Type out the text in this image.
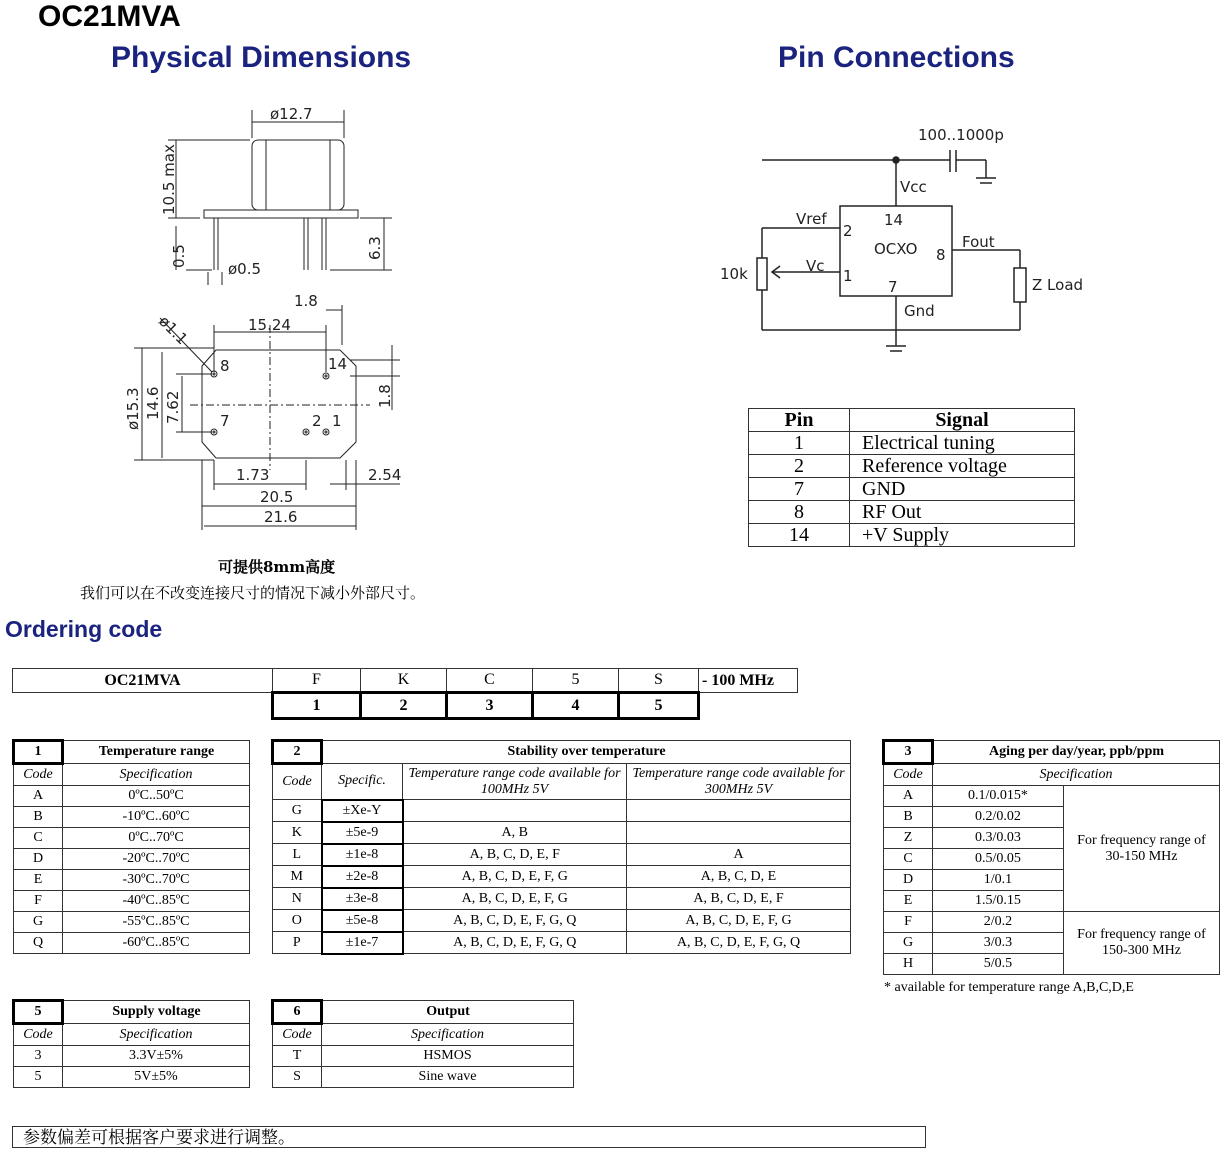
OC21MVA
Physical Dimensions	Pin Connections
Ordering code
ø12.7
10.5 max
0.5
ø0.5
6.3
1.8
15.24
ø1.1
ø15.3 14.6 7.62	1.8
8	14
7	2 1
1.73	2.54
20.5
21.6
可提供8mm高度
我们可以在不改变连接尺寸的情况下减小外部尺寸。
100..1000p
Vcc
Vref	14
2
OCXO 8
Fout
10k	Vc
1
7	Z Load
Gnd
Pin	Signal
1	Electrical tuning
2	Reference voltage
7	GND
8	RF Out
14	+V Supply
OC21MVA	F	K	C	5	S	- 100 MHz
	1	2	3	4	5	
1	Temperature range
Code	Specification
A	0ºC..50ºC
B	-10ºC..60ºC
C	0ºC..70ºC
D	-20ºC..70ºC
E	-30ºC..70ºC
F	-40ºC..85ºC
G	-55ºC..85ºC
Q	-60ºC..85ºC
2	Stability over temperature		
Code	Specific.	Temperature range code available for 100MHz 5V	Temperature range code available for 300MHz 5V
G	±Xe-Y		
K	±5e-9	A, B	
L	±1e-8	A, B, C, D, E, F	A
M	±2e-8	A, B, C, D, E, F, G	A, B, C, D, E
N	±3e-8	A, B, C, D, E, F, G	A, B, C, D, E, F
O	±5e-8	A, B, C, D, E, F, G, Q	A, B, C, D, E, F, G
P	±1e-7	A, B, C, D, E, F, G, Q	A, B, C, D, E, F, G, Q
3	Aging per day/year, ppb/ppm	
Code	Specification	
A	0.1/0.015*	For frequency range of 30-150 MHz
B	0.2/0.02	
Z	0.3/0.03	
C	0.5/0.05	
D	1/0.1	
E	1.5/0.15	
F	2/0.2	For frequency range of 150-300 MHz
G	3/0.3	
H	5/0.5	
* available for temperature range A,B,C,D,E
5	Supply voltage
Code	Specification
3	3.3V±5%
5	5V±5%
6	Output
Code	Specification
T	HSMOS
S	Sine wave
参数偏差可根据客户要求进行调整。
